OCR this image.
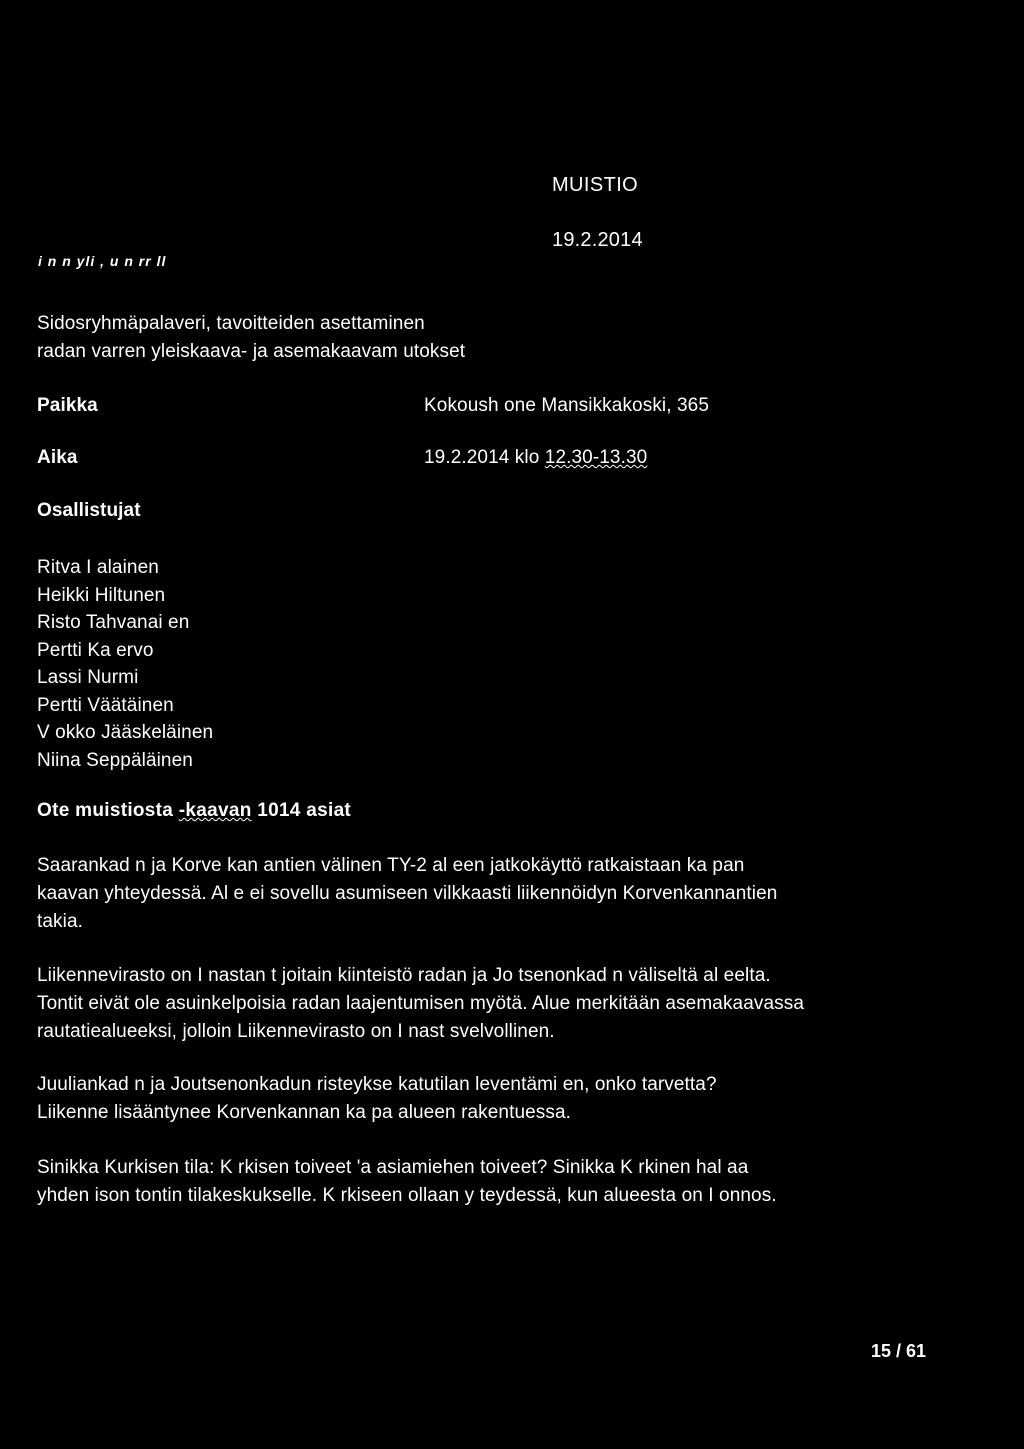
MUISTIO
19.2.2014
i n n yli , u n rr ll
Sidosryhmäpalaveri, tavoitteiden asettaminen
radan varren yleiskaava- ja asemakaavam utokset
Paikka	Kokoush one Mansikkakoski, 365
Aika	19.2.2014 klo 12.30-13.30
Osallistujat
Ritva I alainen
Heikki Hiltunen
Risto Tahvanai en
Pertti Ka ervo
Lassi Nurmi
Pertti Väätäinen
V okko Jääskeläinen
Niina Seppäläinen
Ote muistiosta -kaavan 1014 asiat
Saarankad n ja Korve kan antien välinen TY-2 al een jatkokäyttö ratkaistaan ka pan
kaavan yhteydessä. Al e ei sovellu asumiseen vilkkaasti liikennöidyn Korvenkannantien
takia.
Liikennevirasto on I nastan t joitain kiinteistö radan ja Jo tsenonkad n väliseltä al eelta.
Tontit eivät ole asuinkelpoisia radan laajentumisen myötä. Alue merkitään asemakaavassa
rautatiealueeksi, jolloin Liikennevirasto on I nast svelvollinen.
Juuliankad n ja Joutsenonkadun risteykse katutilan leventämi en, onko tarvetta?
Liikenne lisääntynee Korvenkannan ka pa alueen rakentuessa.
Sinikka Kurkisen tila: K rkisen toiveet 'a asiamiehen toiveet? Sinikka K rkinen hal aa
yhden ison tontin tilakeskukselle. K rkiseen ollaan y teydessä, kun alueesta on I onnos.
15 / 61
